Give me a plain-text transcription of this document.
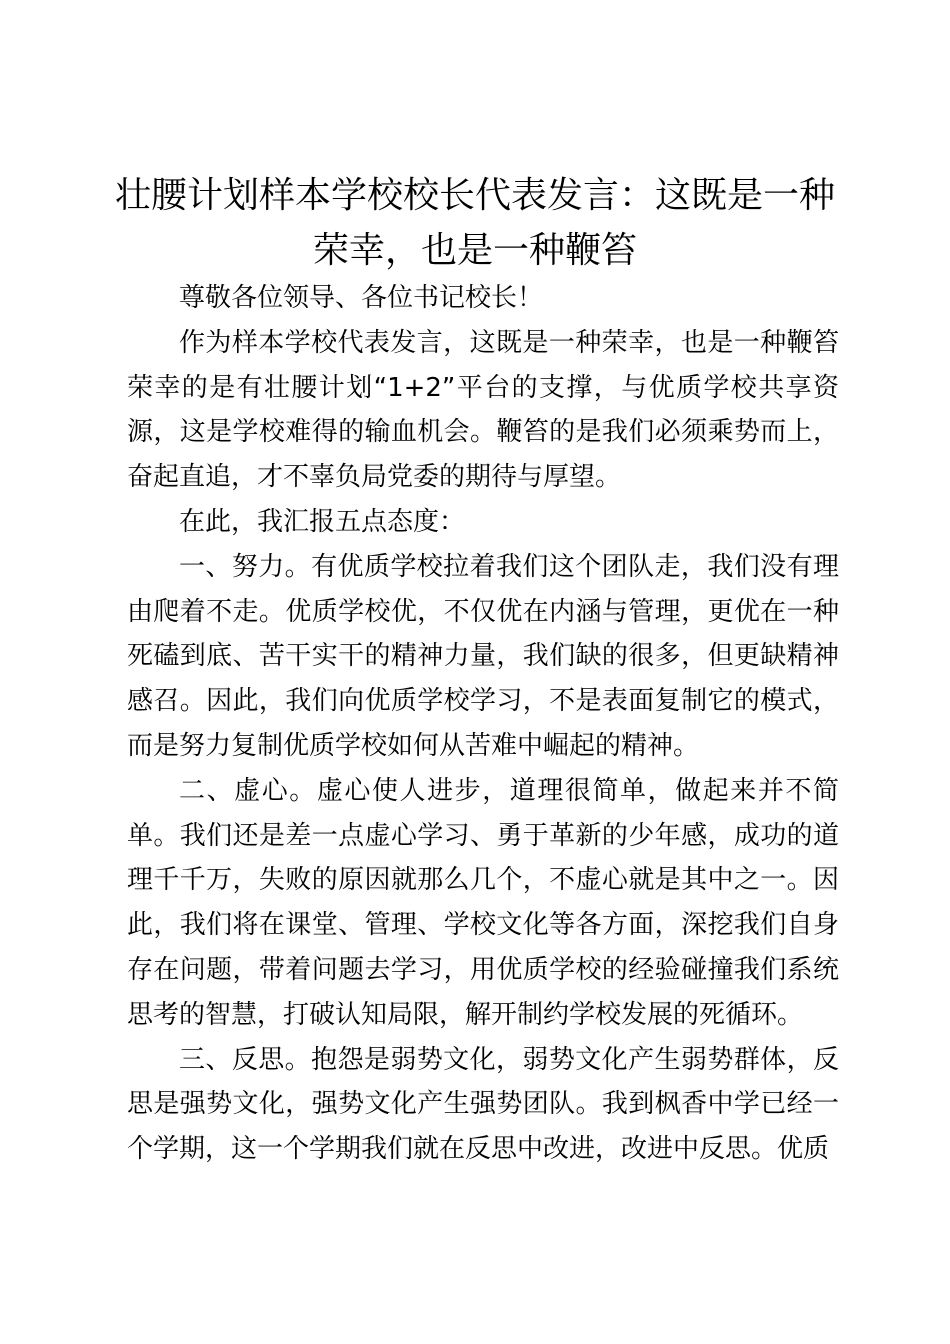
壮腰计划样本学校校长代表发言：这既是一种荣幸，也是一种鞭笞

尊敬各位领导、各位书记校长！

作为样本学校代表发言，这既是一种荣幸，也是一种鞭笞荣幸的是有壮腰计划“1+2”平台的支撑，与优质学校共享资源，这是学校难得的输血机会。鞭笞的是我们必须乘势而上，奋起直追，才不辜负局党委的期待与厚望。

在此，我汇报五点态度：

一、努力。有优质学校拉着我们这个团队走，我们没有理由爬着不走。优质学校优，不仅优在内涵与管理，更优在一种死磕到底、苦干实干的精神力量，我们缺的很多，但更缺精神感召。因此，我们向优质学校学习，不是表面复制它的模式，而是努力复制优质学校如何从苦难中崛起的精神。

二、虚心。虚心使人进步，道理很简单，做起来并不简单。我们还是差一点虚心学习、勇于革新的少年感，成功的道理千千万，失败的原因就那么几个，不虚心就是其中之一。因此，我们将在课堂、管理、学校文化等各方面，深挖我们自身存在问题，带着问题去学习，用优质学校的经验碰撞我们系统思考的智慧，打破认知局限，解开制约学校发展的死循环。

三、反思。抱怨是弱势文化，弱势文化产生弱势群体，反思是强势文化，强势文化产生强势团队。我到枫香中学已经一个学期，这一个学期我们就在反思中改进，改进中反思。优质
